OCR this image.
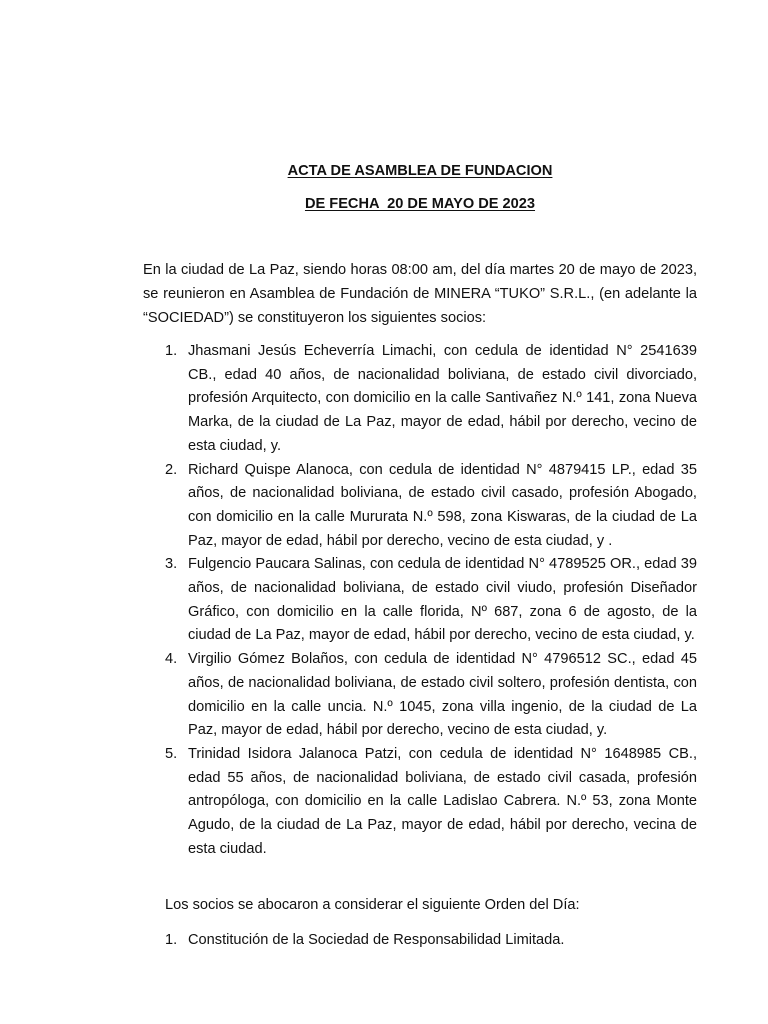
ACTA DE ASAMBLEA DE FUNDACION
DE FECHA  20 DE MAYO DE 2023

En la ciudad de La Paz, siendo horas 08:00 am, del día martes 20 de mayo de 2023, se reunieron en Asamblea de Fundación de MINERA “TUKO” S.R.L., (en adelante la “SOCIEDAD”) se constituyeron los siguientes socios:

1. Jhasmani Jesús Echeverría Limachi, con cedula de identidad N° 2541639 CB., edad 40 años, de nacionalidad boliviana, de estado civil divorciado, profesión Arquitecto, con domicilio en la calle Santivañez N.º 141, zona Nueva Marka, de la ciudad de La Paz, mayor de edad, hábil por derecho, vecino de esta ciudad, y.
2. Richard Quispe Alanoca, con cedula de identidad N° 4879415 LP., edad 35 años, de nacionalidad boliviana, de estado civil casado, profesión Abogado, con domicilio en la calle Mururata N.º 598, zona Kiswaras, de la ciudad de La Paz, mayor de edad, hábil por derecho, vecino de esta ciudad, y .
3. Fulgencio Paucara Salinas, con cedula de identidad N° 4789525 OR., edad 39 años, de nacionalidad boliviana, de estado civil viudo, profesión Diseñador Gráfico, con domicilio en la calle florida, Nº 687, zona 6 de agosto, de la ciudad de La Paz, mayor de edad, hábil por derecho, vecino de esta ciudad, y.
4. Virgilio Gómez Bolaños, con cedula de identidad N° 4796512 SC., edad 45 años, de nacionalidad boliviana, de estado civil soltero, profesión dentista, con domicilio en la calle uncia. N.º 1045, zona villa ingenio, de la ciudad de La Paz, mayor de edad, hábil por derecho, vecino de esta ciudad, y.
5. Trinidad Isidora Jalanoca Patzi, con cedula de identidad N° 1648985 CB., edad 55 años, de nacionalidad boliviana, de estado civil casada, profesión antropóloga, con domicilio en la calle Ladislao Cabrera. N.º 53, zona Monte Agudo, de la ciudad de La Paz, mayor de edad, hábil por derecho, vecina de esta ciudad.

Los socios se abocaron a considerar el siguiente Orden del Día:

1. Constitución de la Sociedad de Responsabilidad Limitada.
